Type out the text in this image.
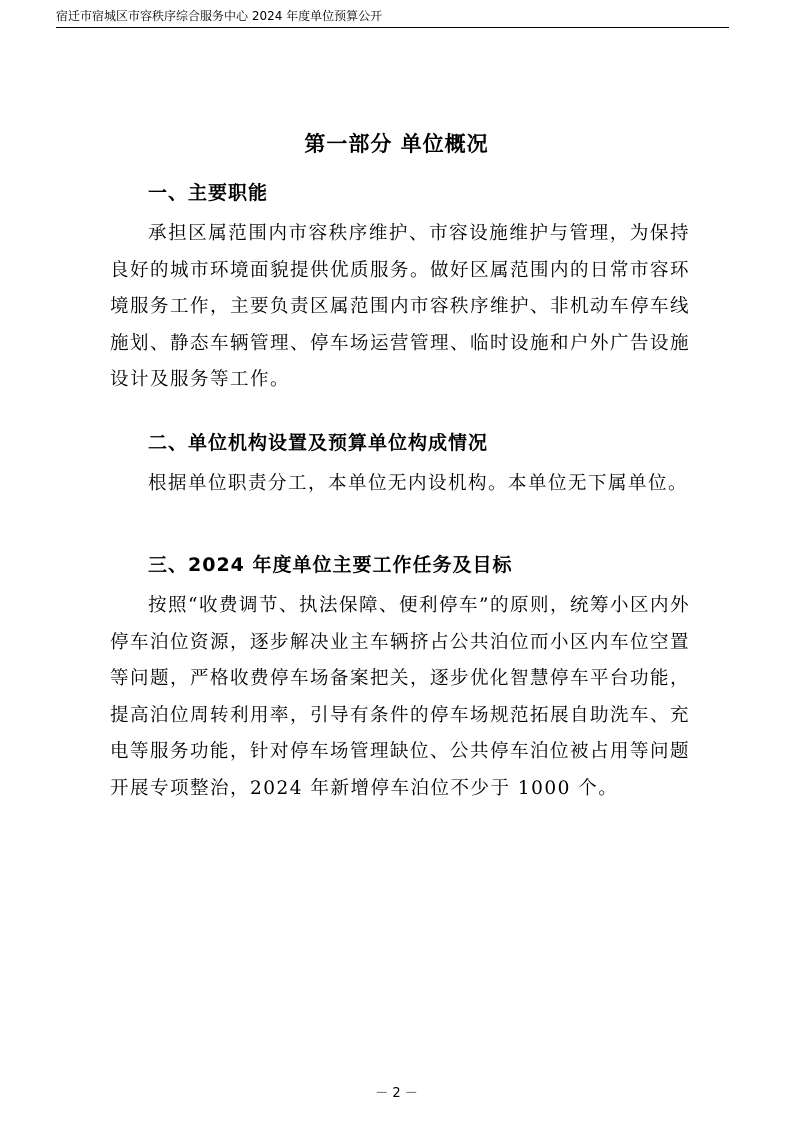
宿迁市宿城区市容秩序综合服务中心 2024 年度单位预算公开
第一部分 单位概况
一、主要职能
承担区属范围内市容秩序维护、市容设施维护与管理，为保持良好的城市环境面貌提供优质服务。做好区属范围内的日常市容环境服务工作，主要负责区属范围内市容秩序维护、非机动车停车线施划、静态车辆管理、停车场运营管理、临时设施和户外广告设施设计及服务等工作。
二、单位机构设置及预算单位构成情况
根据单位职责分工，本单位无内设机构。本单位无下属单位。
三、2024 年度单位主要工作任务及目标
按照“收费调节、执法保障、便利停车”的原则，统筹小区内外停车泊位资源，逐步解决业主车辆挤占公共泊位而小区内车位空置等问题，严格收费停车场备案把关，逐步优化智慧停车平台功能，提高泊位周转利用率，引导有条件的停车场规范拓展自助洗车、充电等服务功能，针对停车场管理缺位、公共停车泊位被占用等问题开展专项整治，2024 年新增停车泊位不少于 1000 个。
－ 2 －
